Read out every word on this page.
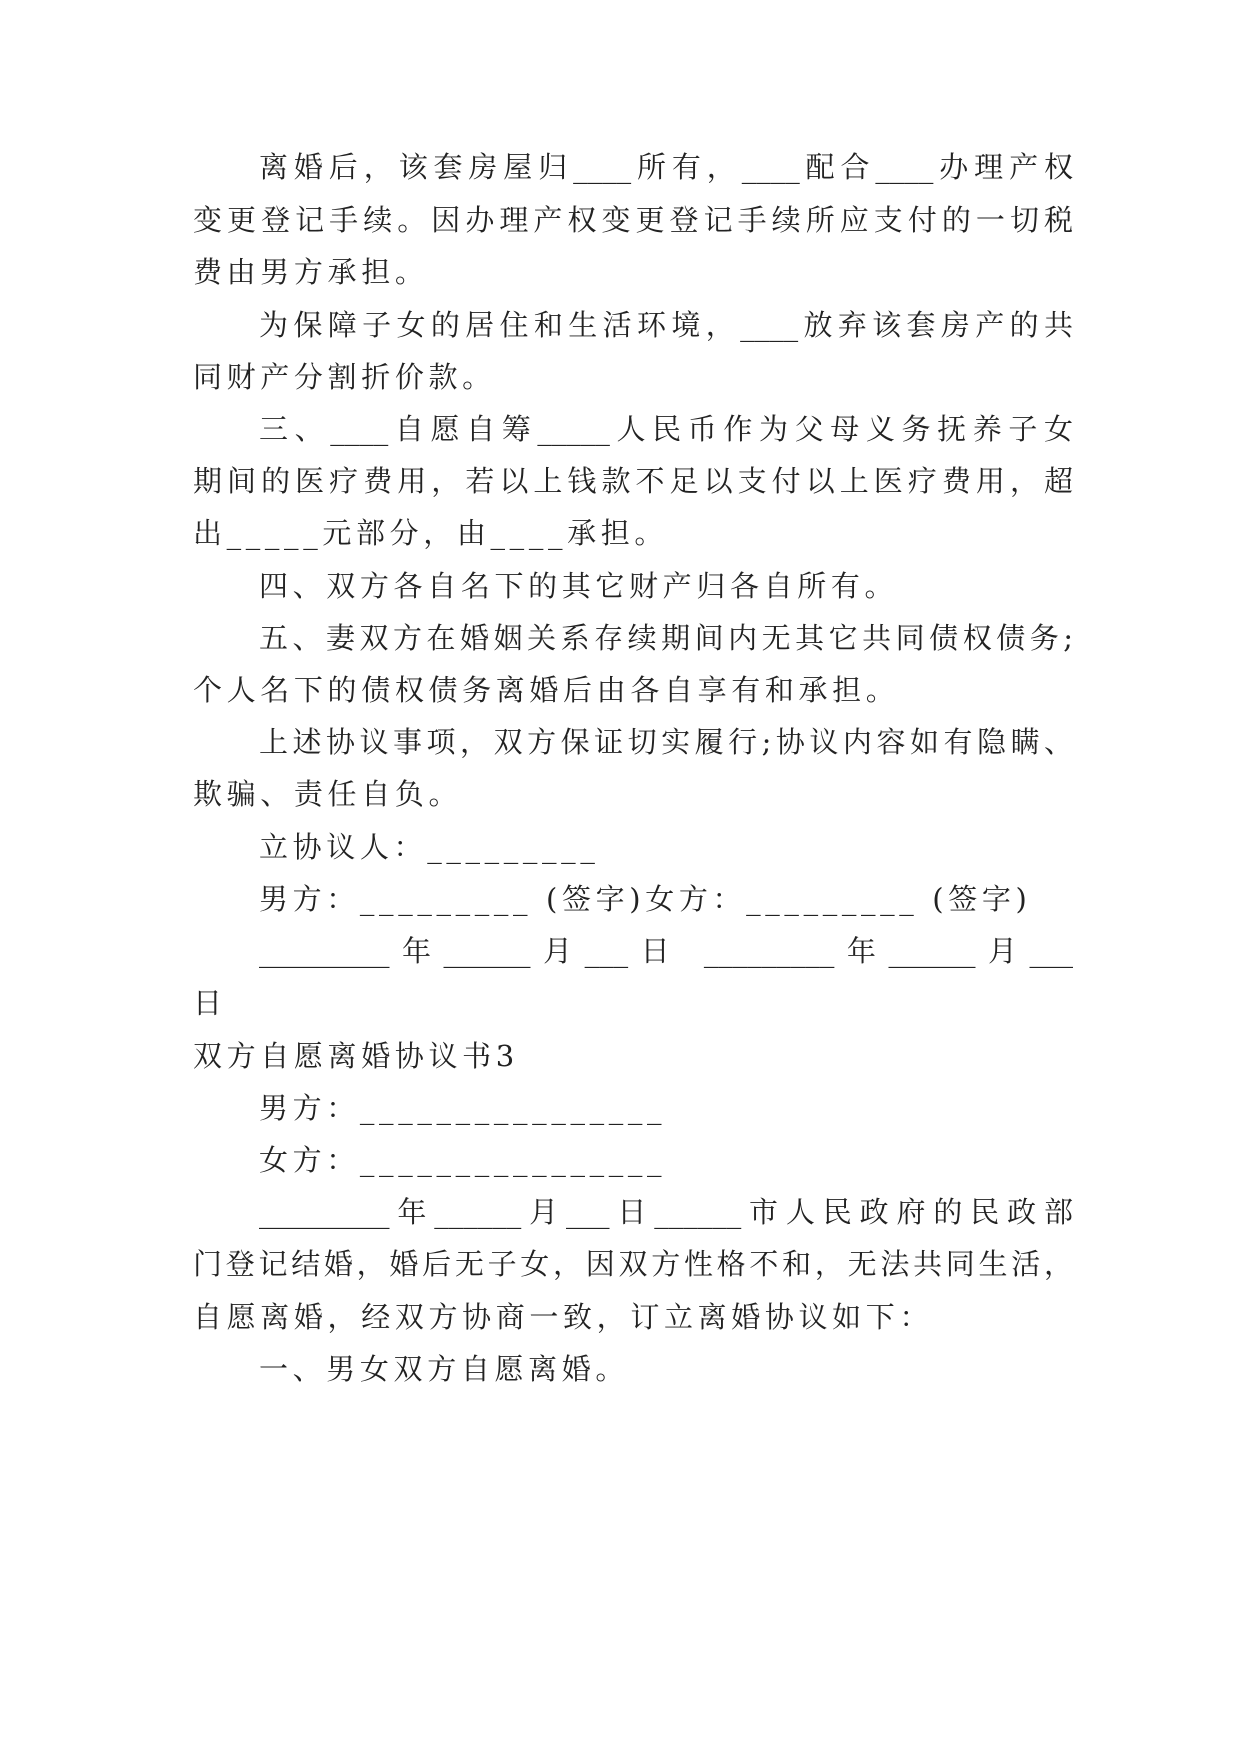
离婚后，该套房屋归____所有，____配合____办理产权
变更登记手续。因办理产权变更登记手续所应支付的一切税
费由男方承担。
为保障子女的居住和生活环境，____放弃该套房产的共
同财产分割折价款。
三、____自愿自筹_____人民币作为父母义务抚养子女
期间的医疗费用，若以上钱款不足以支付以上医疗费用，超
出_____元部分，由____承担。
四、双方各自名下的其它财产归各自所有。
五、妻双方在婚姻关系存续期间内无其它共同债权债务;
个人名下的债权债务离婚后由各自享有和承担。
上述协议事项，双方保证切实履行;协议内容如有隐瞒、
欺骗、责任自负。
立协议人：_________
男方：_________ (签字)女方：_________ (签字)
_________年______月___日 _________年______月___
日
双方自愿离婚协议书3
男方：________________
女方：________________
_________年______月___日______市人民政府的民政部
门登记结婚，婚后无子女，因双方性格不和，无法共同生活，
自愿离婚，经双方协商一致，订立离婚协议如下：
一、男女双方自愿离婚。
